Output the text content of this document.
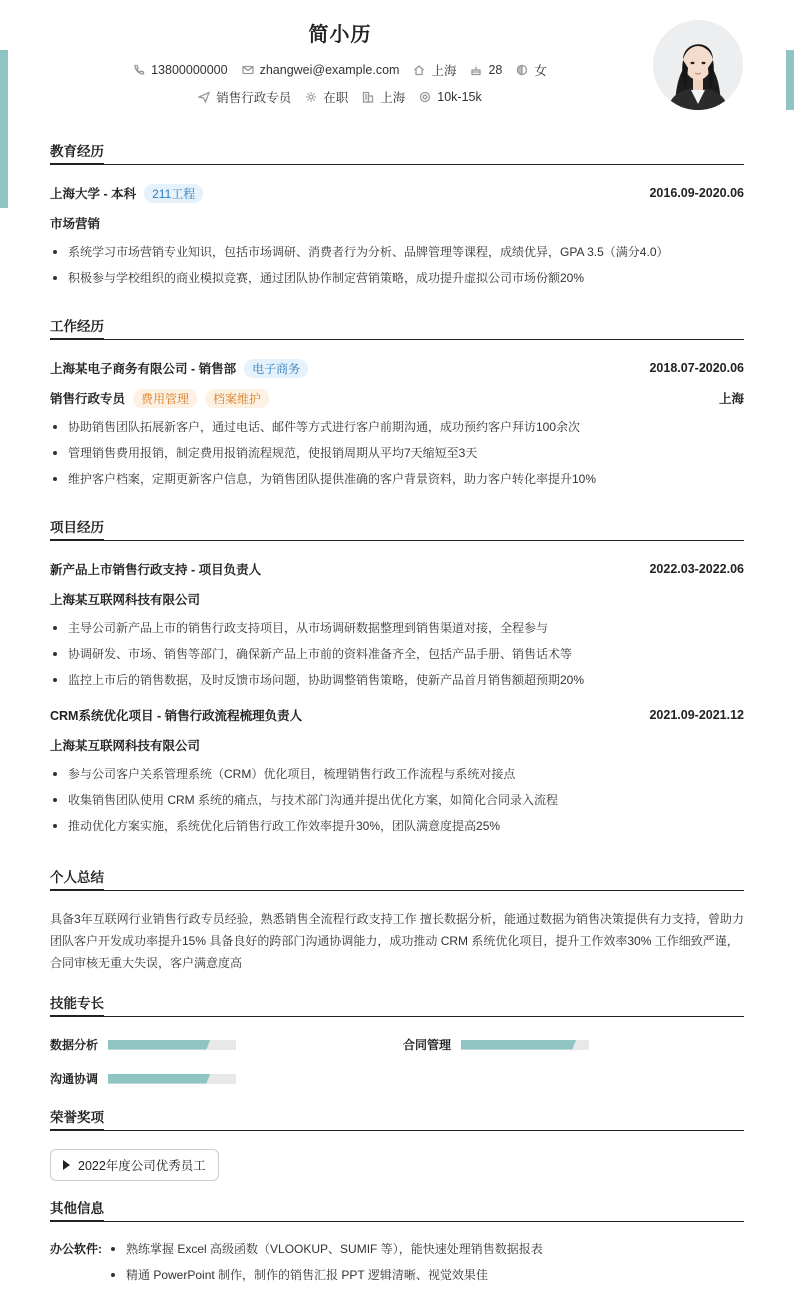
简小历
13800000000	zhangwei@example.com	上海	28	女
销售行政专员	在职	上海	10k-15k
教育经历
上海大学 - 本科 211工程	2016.09-2020.06
市场营销
系统学习市场营销专业知识，包括市场调研、消费者行为分析、品牌管理等课程，成绩优异，GPA 3.5（满分4.0）
积极参与学校组织的商业模拟竞赛，通过团队协作制定营销策略，成功提升虚拟公司市场份额20%
工作经历
上海某电子商务有限公司 - 销售部 电子商务	2018.07-2020.06
销售行政专员 费用管理 档案维护	上海
协助销售团队拓展新客户，通过电话、邮件等方式进行客户前期沟通，成功预约客户拜访100余次
管理销售费用报销，制定费用报销流程规范，使报销周期从平均7天缩短至3天
维护客户档案，定期更新客户信息，为销售团队提供准确的客户背景资料，助力客户转化率提升10%
项目经历
新产品上市销售行政支持 - 项目负责人	2022.03-2022.06
上海某互联网科技有限公司
主导公司新产品上市的销售行政支持项目，从市场调研数据整理到销售渠道对接，全程参与
协调研发、市场、销售等部门，确保新产品上市前的资料准备齐全，包括产品手册、销售话术等
监控上市后的销售数据，及时反馈市场问题，协助调整销售策略，使新产品首月销售额超预期20%
CRM系统优化项目 - 销售行政流程梳理负责人	2021.09-2021.12
上海某互联网科技有限公司
参与公司客户关系管理系统（CRM）优化项目，梳理销售行政工作流程与系统对接点
收集销售团队使用 CRM 系统的痛点，与技术部门沟通并提出优化方案，如简化合同录入流程
推动优化方案实施，系统优化后销售行政工作效率提升30%，团队满意度提高25%
个人总结
具备3年互联网行业销售行政专员经验，熟悉销售全流程行政支持工作 擅长数据分析，能通过数据为销售决策提供有力支持，曾助力团队客户开发成功率提升15% 具备良好的跨部门沟通协调能力，成功推动 CRM 系统优化项目，提升工作效率30% 工作细致严谨，合同审核无重大失误，客户满意度高
技能专长
数据分析	合同管理
沟通协调
荣誉奖项
2022年度公司优秀员工
其他信息
办公软件:	熟练掌握 Excel 高级函数（VLOOKUP、SUMIF 等），能快速处理销售数据报表
精通 PowerPoint 制作，制作的销售汇报 PPT 逻辑清晰、视觉效果佳
